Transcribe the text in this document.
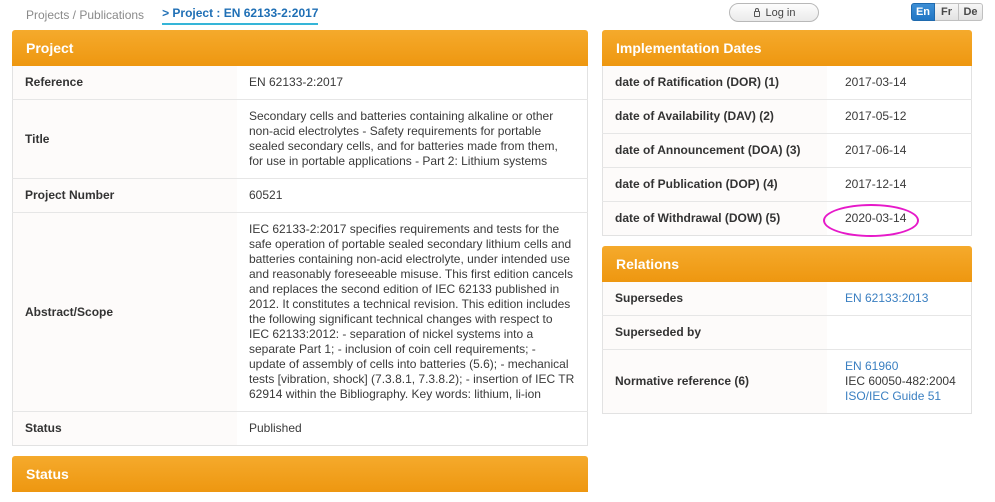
Projects / Publications > Project : EN 62133-2:2017	Log in	En Fr	De
Project
Reference	EN 62133-2:2017
Title	Secondary cells and batteries containing alkaline or other non-acid electrolytes - Safety requirements for portable sealed secondary cells, and for batteries made from them, for use in portable applications - Part 2: Lithium systems
Project Number	60521
Abstract/Scope	IEC 62133-2:2017 specifies requirements and tests for the safe operation of portable sealed secondary lithium cells and batteries containing non-acid electrolyte, under intended use and reasonably foreseeable misuse. This first edition cancels and replaces the second edition of IEC 62133 published in 2012. It constitutes a technical revision. This edition includes the following significant technical changes with respect to IEC 62133:2012: - separation of nickel systems into a separate Part 1; - inclusion of coin cell requirements; - update of assembly of cells into batteries (5.6); - mechanical tests [vibration, shock] (7.3.8.1, 7.3.8.2); - insertion of IEC TR 62914 within the Bibliography. Key words: lithium, li-ion
Status	Published
Status
Implementation Dates
date of Ratification (DOR) (1)	2017-03-14
date of Availability (DAV) (2)	2017-05-12
date of Announcement (DOA) (3)	2017-06-14
date of Publication (DOP) (4)	2017-12-14
date of Withdrawal (DOW) (5)	2020-03-14
Relations
Supersedes	EN 62133:2013

Superseded by	
Normative reference (6)	EN 61960
IEC 60050-482:2004
ISO/IEC Guide 51
